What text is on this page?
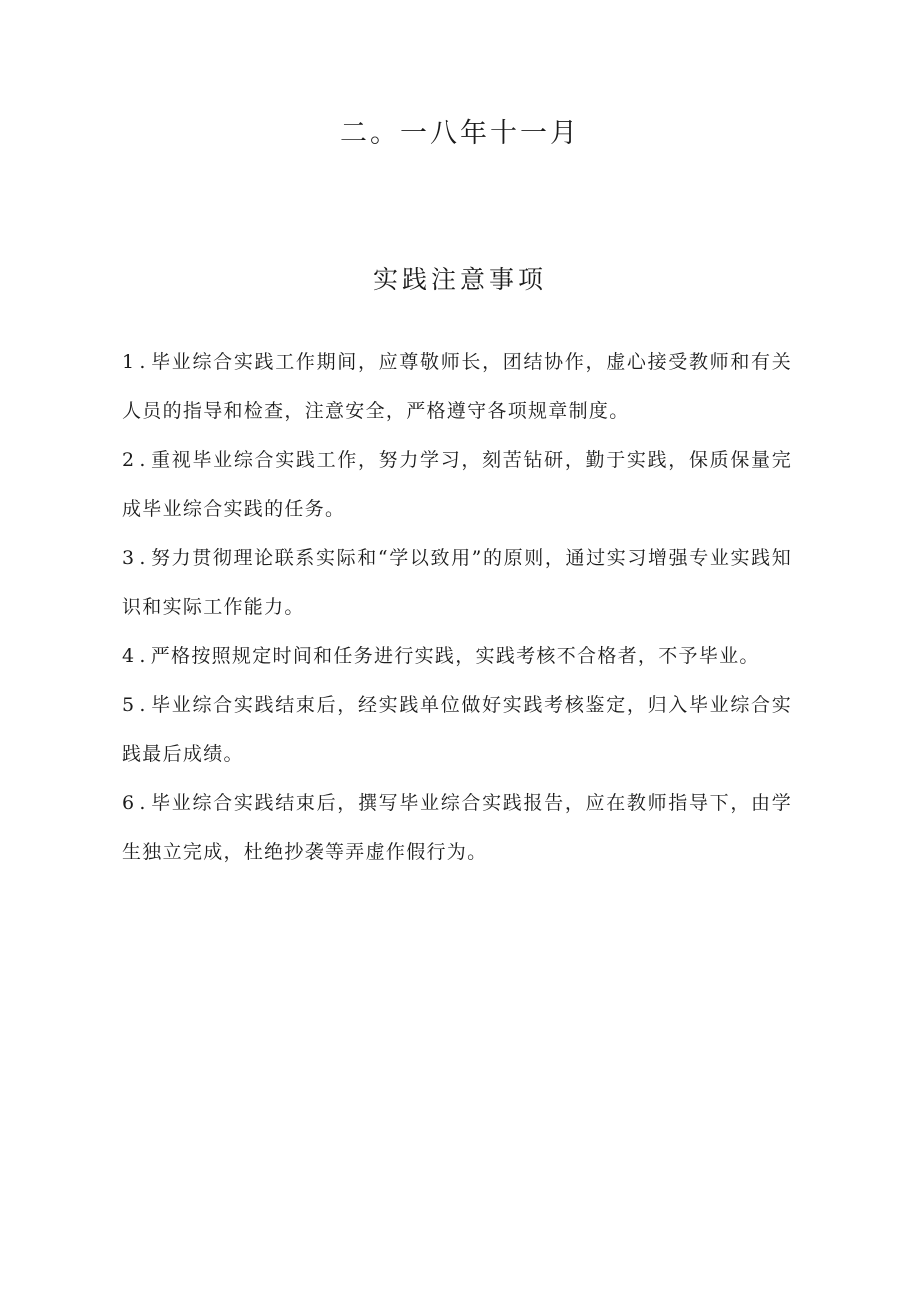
二。一八年十一月
实践注意事项
1 . 毕业综合实践工作期间，应尊敬师长，团结协作，虚心接受教师和有关人员的指导和检查，注意安全，严格遵守各项规章制度。
2 . 重视毕业综合实践工作，努力学习，刻苦钻研，勤于实践，保质保量完成毕业综合实践的任务。
3 . 努力贯彻理论联系实际和“学以致用”的原则，通过实习增强专业实践知识和实际工作能力。
4 . 严格按照规定时间和任务进行实践，实践考核不合格者，不予毕业。
5 . 毕业综合实践结束后，经实践单位做好实践考核鉴定，归入毕业综合实践最后成绩。
6 . 毕业综合实践结束后，撰写毕业综合实践报告，应在教师指导下，由学生独立完成，杜绝抄袭等弄虚作假行为。
